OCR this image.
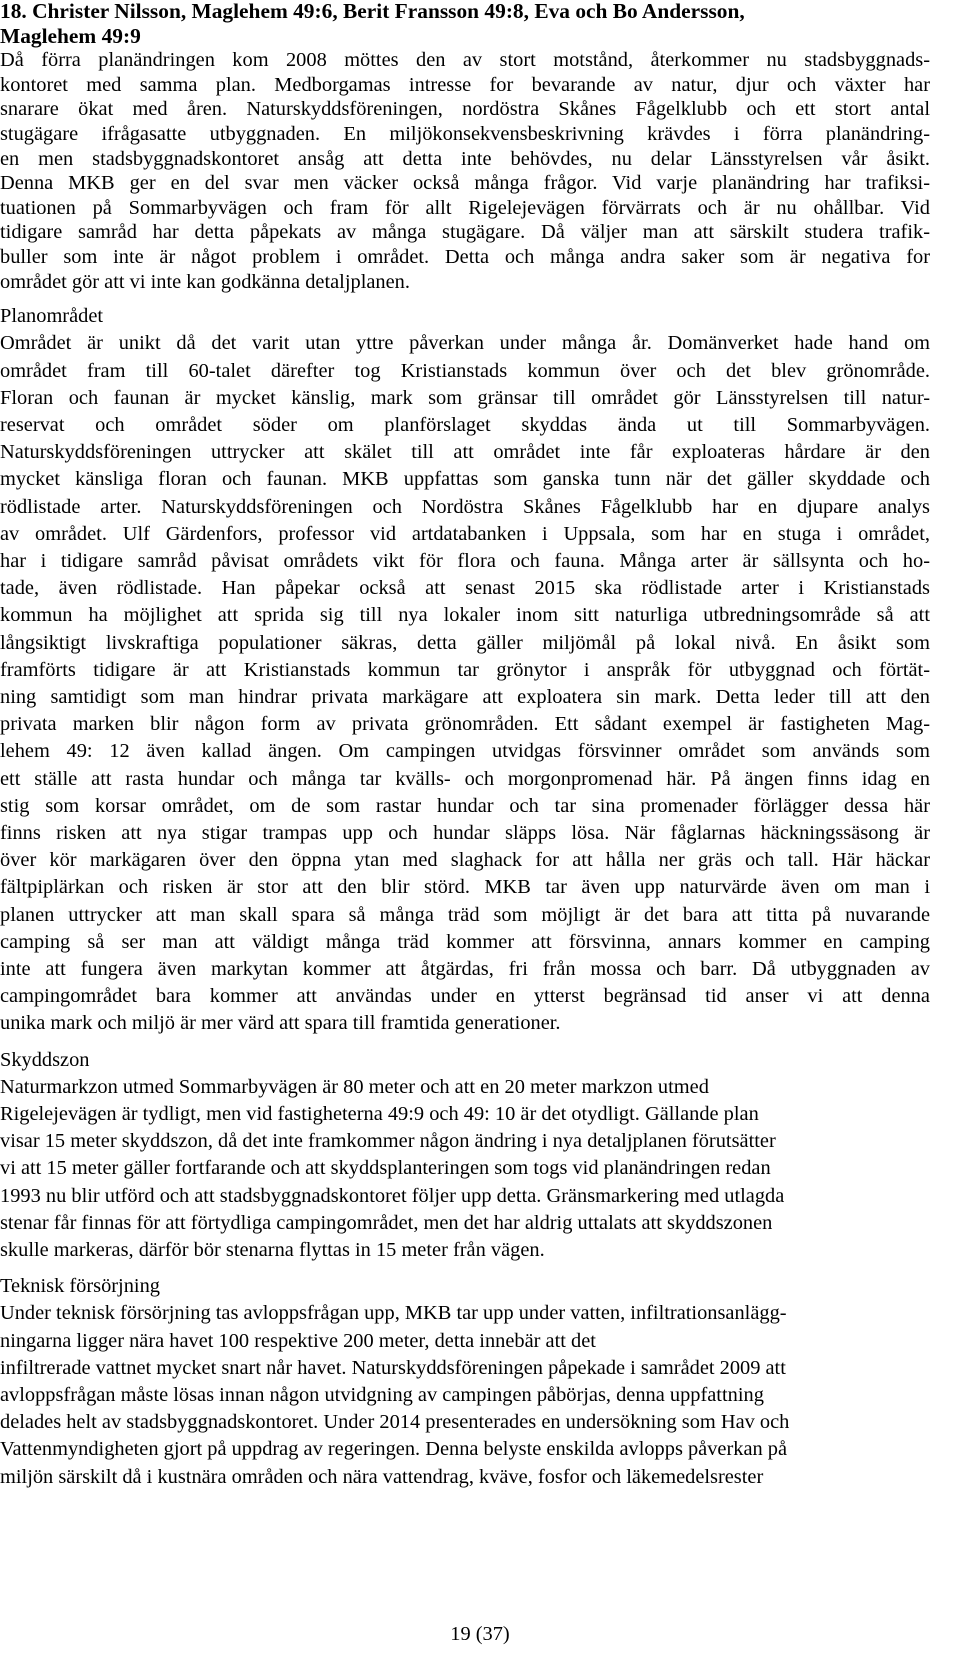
18. Christer Nilsson, Maglehem 49:6, Berit Fransson 49:8, Eva och Bo Andersson,
Maglehem 49:9
Då förra planändringen kom 2008 möttes den av stort motstånd, återkommer nu stadsbyggnads-
kontoret med samma plan. Medborgamas intresse for bevarande av natur, djur och växter har
snarare ökat med åren. Naturskyddsföreningen, nordöstra Skånes Fågelklubb och ett stort antal
stugägare ifrågasatte utbyggnaden. En miljökonsekvensbeskrivning krävdes i förra planändring-
en men stadsbyggnadskontoret ansåg att detta inte behövdes, nu delar Länsstyrelsen vår åsikt.
Denna MKB ger en del svar men väcker också många frågor. Vid varje planändring har trafiksi-
tuationen på Sommarbyvägen och fram för allt Rigelejevägen förvärrats och är nu ohållbar. Vid
tidigare samråd har detta påpekats av många stugägare. Då väljer man att särskilt studera trafik-
buller som inte är något problem i området. Detta och många andra saker som är negativa for
området gör att vi inte kan godkänna detaljplanen.
Planområdet
Området är unikt då det varit utan yttre påverkan under många år. Domänverket hade hand om
området fram till 60-talet därefter tog Kristianstads kommun över och det blev grönområde.
Floran och faunan är mycket känslig, mark som gränsar till området gör Länsstyrelsen till natur-
reservat och området söder om planförslaget skyddas ända ut till Sommarbyvägen.
Naturskyddsföreningen uttrycker att skälet till att området inte får exploateras hårdare är den
mycket känsliga floran och faunan. MKB uppfattas som ganska tunn när det gäller skyddade och
rödlistade arter. Naturskyddsföreningen och Nordöstra Skånes Fågelklubb har en djupare analys
av området. Ulf Gärdenfors, professor vid artdatabanken i Uppsala, som har en stuga i området,
har i tidigare samråd påvisat områdets vikt för flora och fauna. Många arter är sällsynta och ho-
tade, även rödlistade. Han påpekar också att senast 2015 ska rödlistade arter i Kristianstads
kommun ha möjlighet att sprida sig till nya lokaler inom sitt naturliga utbredningsområde så att
långsiktigt livskraftiga populationer säkras, detta gäller miljömål på lokal nivå. En åsikt som
framförts tidigare är att Kristianstads kommun tar grönytor i anspråk för utbyggnad och förtät-
ning samtidigt som man hindrar privata markägare att exploatera sin mark. Detta leder till att den
privata marken blir någon form av privata grönområden. Ett sådant exempel är fastigheten Mag-
lehem 49: 12 även kallad ängen. Om campingen utvidgas försvinner området som används som
ett ställe att rasta hundar och många tar kvälls- och morgonpromenad här. På ängen finns idag en
stig som korsar området, om de som rastar hundar och tar sina promenader förlägger dessa här
finns risken att nya stigar trampas upp och hundar släpps lösa. När fåglarnas häckningssäsong är
över kör markägaren över den öppna ytan med slaghack for att hålla ner gräs och tall. Här häckar
fältpiplärkan och risken är stor att den blir störd. MKB tar även upp naturvärde även om man i
planen uttrycker att man skall spara så många träd som möjligt är det bara att titta på nuvarande
camping så ser man att väldigt många träd kommer att försvinna, annars kommer en camping
inte att fungera även markytan kommer att åtgärdas, fri från mossa och barr. Då utbyggnaden av
campingområdet bara kommer att användas under en ytterst begränsad tid anser vi att denna
unika mark och miljö är mer värd att spara till framtida generationer.
Skyddszon
Naturmarkzon utmed Sommarbyvägen är 80 meter och att en 20 meter markzon utmed
Rigelejevägen är tydligt, men vid fastigheterna 49:9 och 49: 10 är det otydligt. Gällande plan
visar 15 meter skyddszon, då det inte framkommer någon ändring i nya detaljplanen förutsätter
vi att 15 meter gäller fortfarande och att skyddsplanteringen som togs vid planändringen redan
1993 nu blir utförd och att stadsbyggnadskontoret följer upp detta. Gränsmarkering med utlagda
stenar får finnas för att förtydliga campingområdet, men det har aldrig uttalats att skyddszonen
skulle markeras, därför bör stenarna flyttas in 15 meter från vägen.
Teknisk försörjning
Under teknisk försörjning tas avloppsfrågan upp, MKB tar upp under vatten, infiltrationsanlägg-
ningarna ligger nära havet 100 respektive 200 meter, detta innebär att det
infiltrerade vattnet mycket snart når havet. Naturskyddsföreningen påpekade i samrådet 2009 att
avloppsfrågan måste lösas innan någon utvidgning av campingen påbörjas, denna uppfattning
delades helt av stadsbyggnadskontoret. Under 2014 presenterades en undersökning som Hav och
Vattenmyndigheten gjort på uppdrag av regeringen. Denna belyste enskilda avlopps påverkan på
miljön särskilt då i kustnära områden och nära vattendrag, kväve, fosfor och läkemedelsrester
19 (37)
